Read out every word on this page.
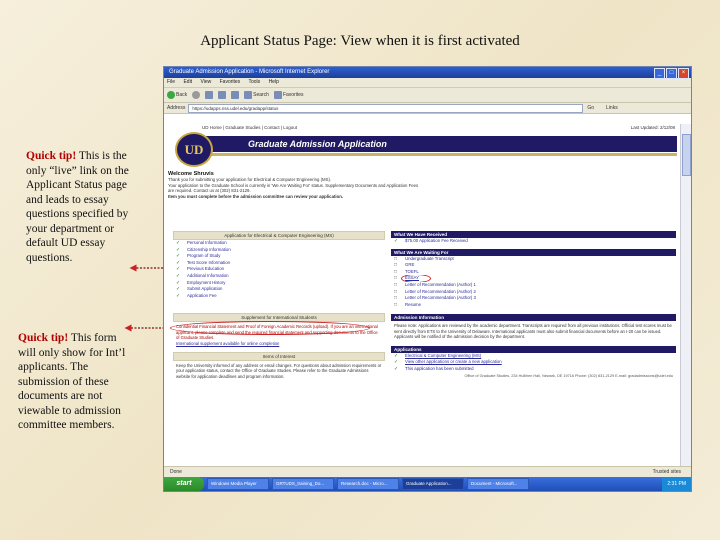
Applicant Status Page: View when it is first activated
Quick tip! This is the only “live” link on the Applicant Status page and leads to essay questions specified by your department or default UD essay questions.
Quick tip! This form will only show for Int’l applicants. The submission of these documents are not viewable to admission committee members.
Graduate Admission Application - Microsoft Internet Explorer	_	□	×
File Edit View Favorites Tools Help
Back	Search	Favorites
Address	https://udapps.nss.udel.edu/gradapp/status	Go Links
UD Home | Graduate Studies | Contact | Logout	Last Updated: 2/12/08
Graduate Admission Application
UD
Welcome Shruvis
Thank you for submitting your application for Electrical & Computer Engineering (MS).
Your application to the Graduate School is currently in 'We Are Waiting For' status. Supplementary Documents and Application Fees
are required. Contact us at (302) 831-2129.
Item you must complete before the admission committee can review your application.
Application for Electrical & Computer Engineering (MS)
✓ Personal Information
✓ Citizenship Information
✓ Program of Study
✓ Test Score Information
✓ Previous Education
✓ Additional Information
✓ Employment History
✓ Submit Application
✓ Application Fee
Supplement for International Students
Confidential Financial Statement and Proof of Foreign Academic Records (upload). If you are an international applicant, please complete and send the required financial statement and supporting documents to the Office of Graduate Studies.

International supplement available for online completion
Items of Interest
Keep the University informed of any address or email changes. For questions about admission requirements or your application status, contact the Office of Graduate Studies. Please refer to the Graduate Admissions website for application deadlines and program information.
What We Have Received
✓ $75.00 Application Fee Received
What We Are Waiting For
□ Undergraduate Transcript
□ GRE
□ TOEFL
□ ESSAY
□ Letter of Recommendation (Author) 1
□ Letter of Recommendation (Author) 2
□ Letter of Recommendation (Author) 3
□ Resume
Admission Information
Please note: Applications are reviewed by the academic department. Transcripts are required from all previous institutions. Official test scores must be sent directly from ETS to the University of Delaware. International applicants must also submit financial documents before an I-20 can be issued. Applicants will be notified of the admission decision by the department.
Applications
✓ Electrical & Computer Engineering (MS)
✓ View other applications or create a new application
✓ This application has been submitted
Office of Graduate Studies, 234 Hullihen Hall, Newark, DE 19716 Phone: (302) 831-2129 E-mail: gradadmissions@udel.edu
Done	Trusted sites
start	Windows Media Player	GRTUDS_training_Do...	Research.doc - Micro...	Graduate Application...	Document - Microsoft...	2:31 PM
